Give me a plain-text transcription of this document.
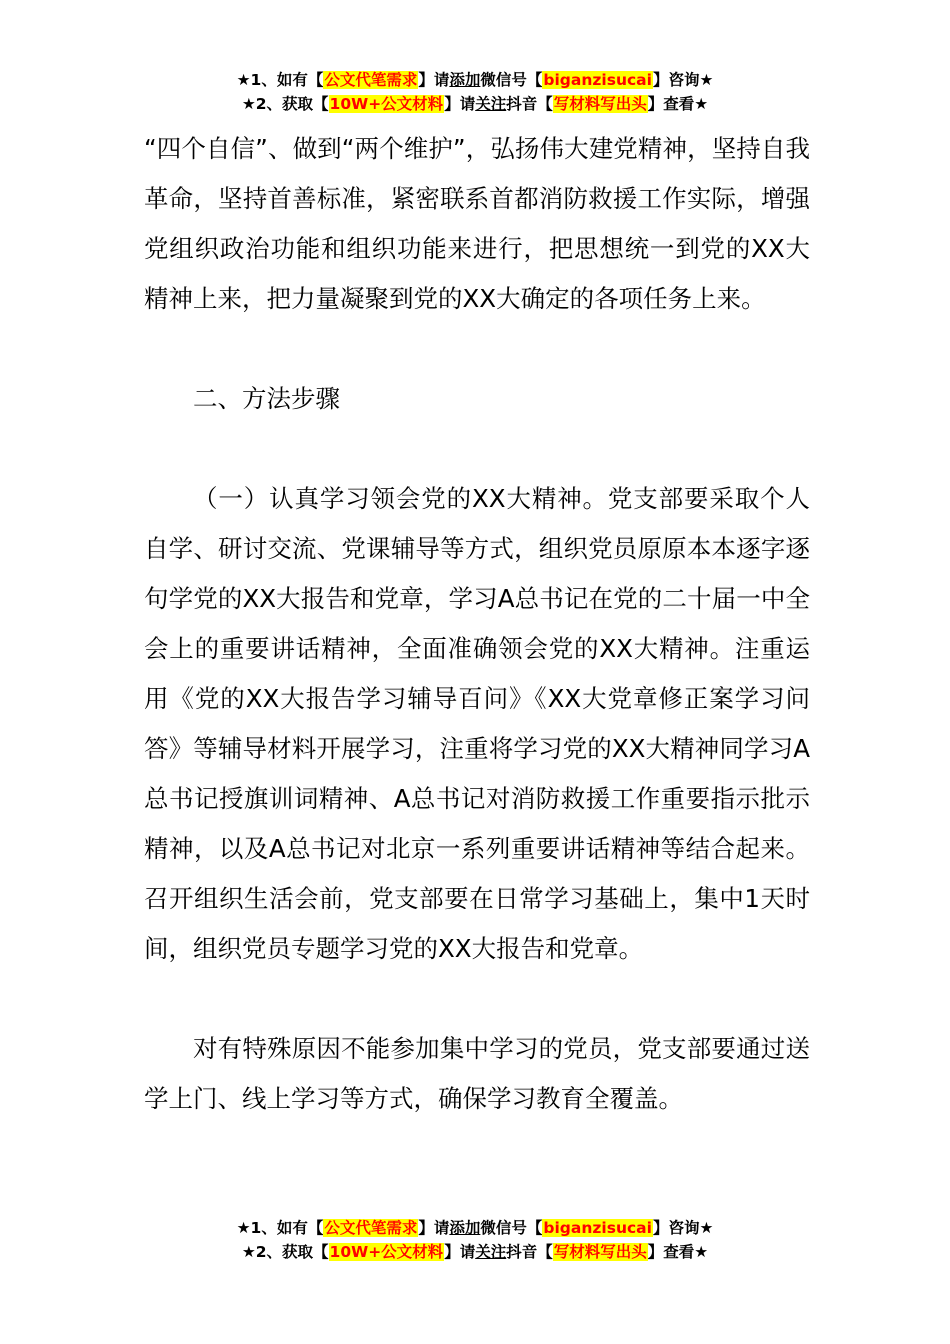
★1、如有【公文代笔需求】请添加微信号【biganzisucai】咨询★
★2、获取【10W+公文材料】请关注抖音【写材料写出头】查看★

“四个自信”、做到“两个维护”，弘扬伟大建党精神，坚持自我革命，坚持首善标准，紧密联系首都消防救援工作实际，增强党组织政治功能和组织功能来进行，把思想统一到党的XX大精神上来，把力量凝聚到党的XX大确定的各项任务上来。

二、方法步骤

（一）认真学习领会党的XX大精神。党支部要采取个人自学、研讨交流、党课辅导等方式，组织党员原原本本逐字逐句学党的XX大报告和党章，学习A总书记在党的二十届一中全会上的重要讲话精神，全面准确领会党的XX大精神。注重运用《党的XX大报告学习辅导百问》《XX大党章修正案学习问答》等辅导材料开展学习，注重将学习党的XX大精神同学习A总书记授旗训词精神、A总书记对消防救援工作重要指示批示精神，以及A总书记对北京一系列重要讲话精神等结合起来。召开组织生活会前，党支部要在日常学习基础上，集中1天时间，组织党员专题学习党的XX大报告和党章。

对有特殊原因不能参加集中学习的党员，党支部要通过送学上门、线上学习等方式，确保学习教育全覆盖。

★1、如有【公文代笔需求】请添加微信号【biganzisucai】咨询★
★2、获取【10W+公文材料】请关注抖音【写材料写出头】查看★
